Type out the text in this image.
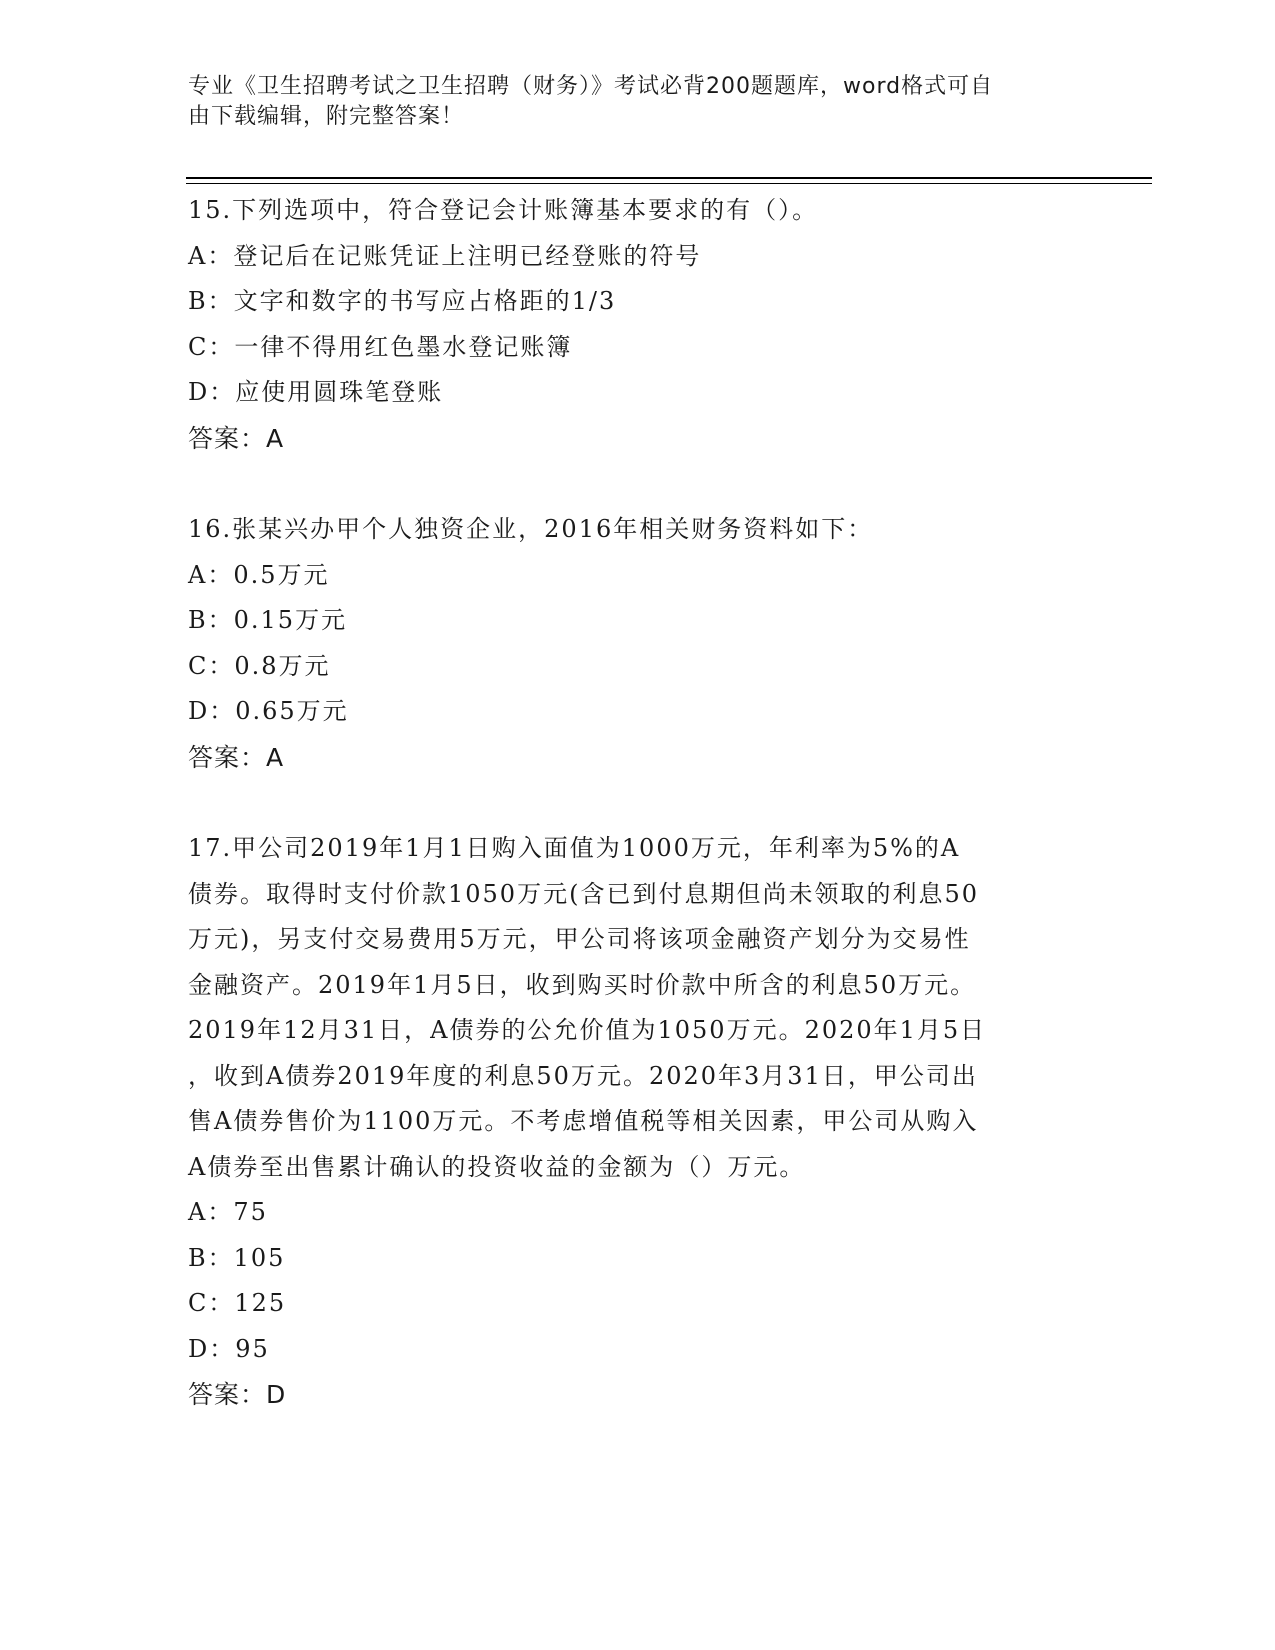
专业《卫生招聘考试之卫生招聘（财务）》考试必背200题题库，word格式可自
由下载编辑，附完整答案！
15.下列选项中，符合登记会计账簿基本要求的有（）。
A：登记后在记账凭证上注明已经登账的符号
B：文字和数字的书写应占格距的1/3
C：一律不得用红色墨水登记账簿
D：应使用圆珠笔登账
答案：A
16.张某兴办甲个人独资企业，2016年相关财务资料如下：
A：0.5万元
B：0.15万元
C：0.8万元
D：0.65万元
答案：A
17.甲公司2019年1月1日购入面值为1000万元，年利率为5%的A
债券。取得时支付价款1050万元(含已到付息期但尚未领取的利息50
万元)，另支付交易费用5万元，甲公司将该项金融资产划分为交易性
金融资产。2019年1月5日，收到购买时价款中所含的利息50万元。
2019年12月31日，A债券的公允价值为1050万元。2020年1月5日
，收到A债券2019年度的利息50万元。2020年3月31日，甲公司出
售A债券售价为1100万元。不考虑增值税等相关因素，甲公司从购入
A债券至出售累计确认的投资收益的金额为（）万元。
A：75
B：105
C：125
D：95
答案：D
